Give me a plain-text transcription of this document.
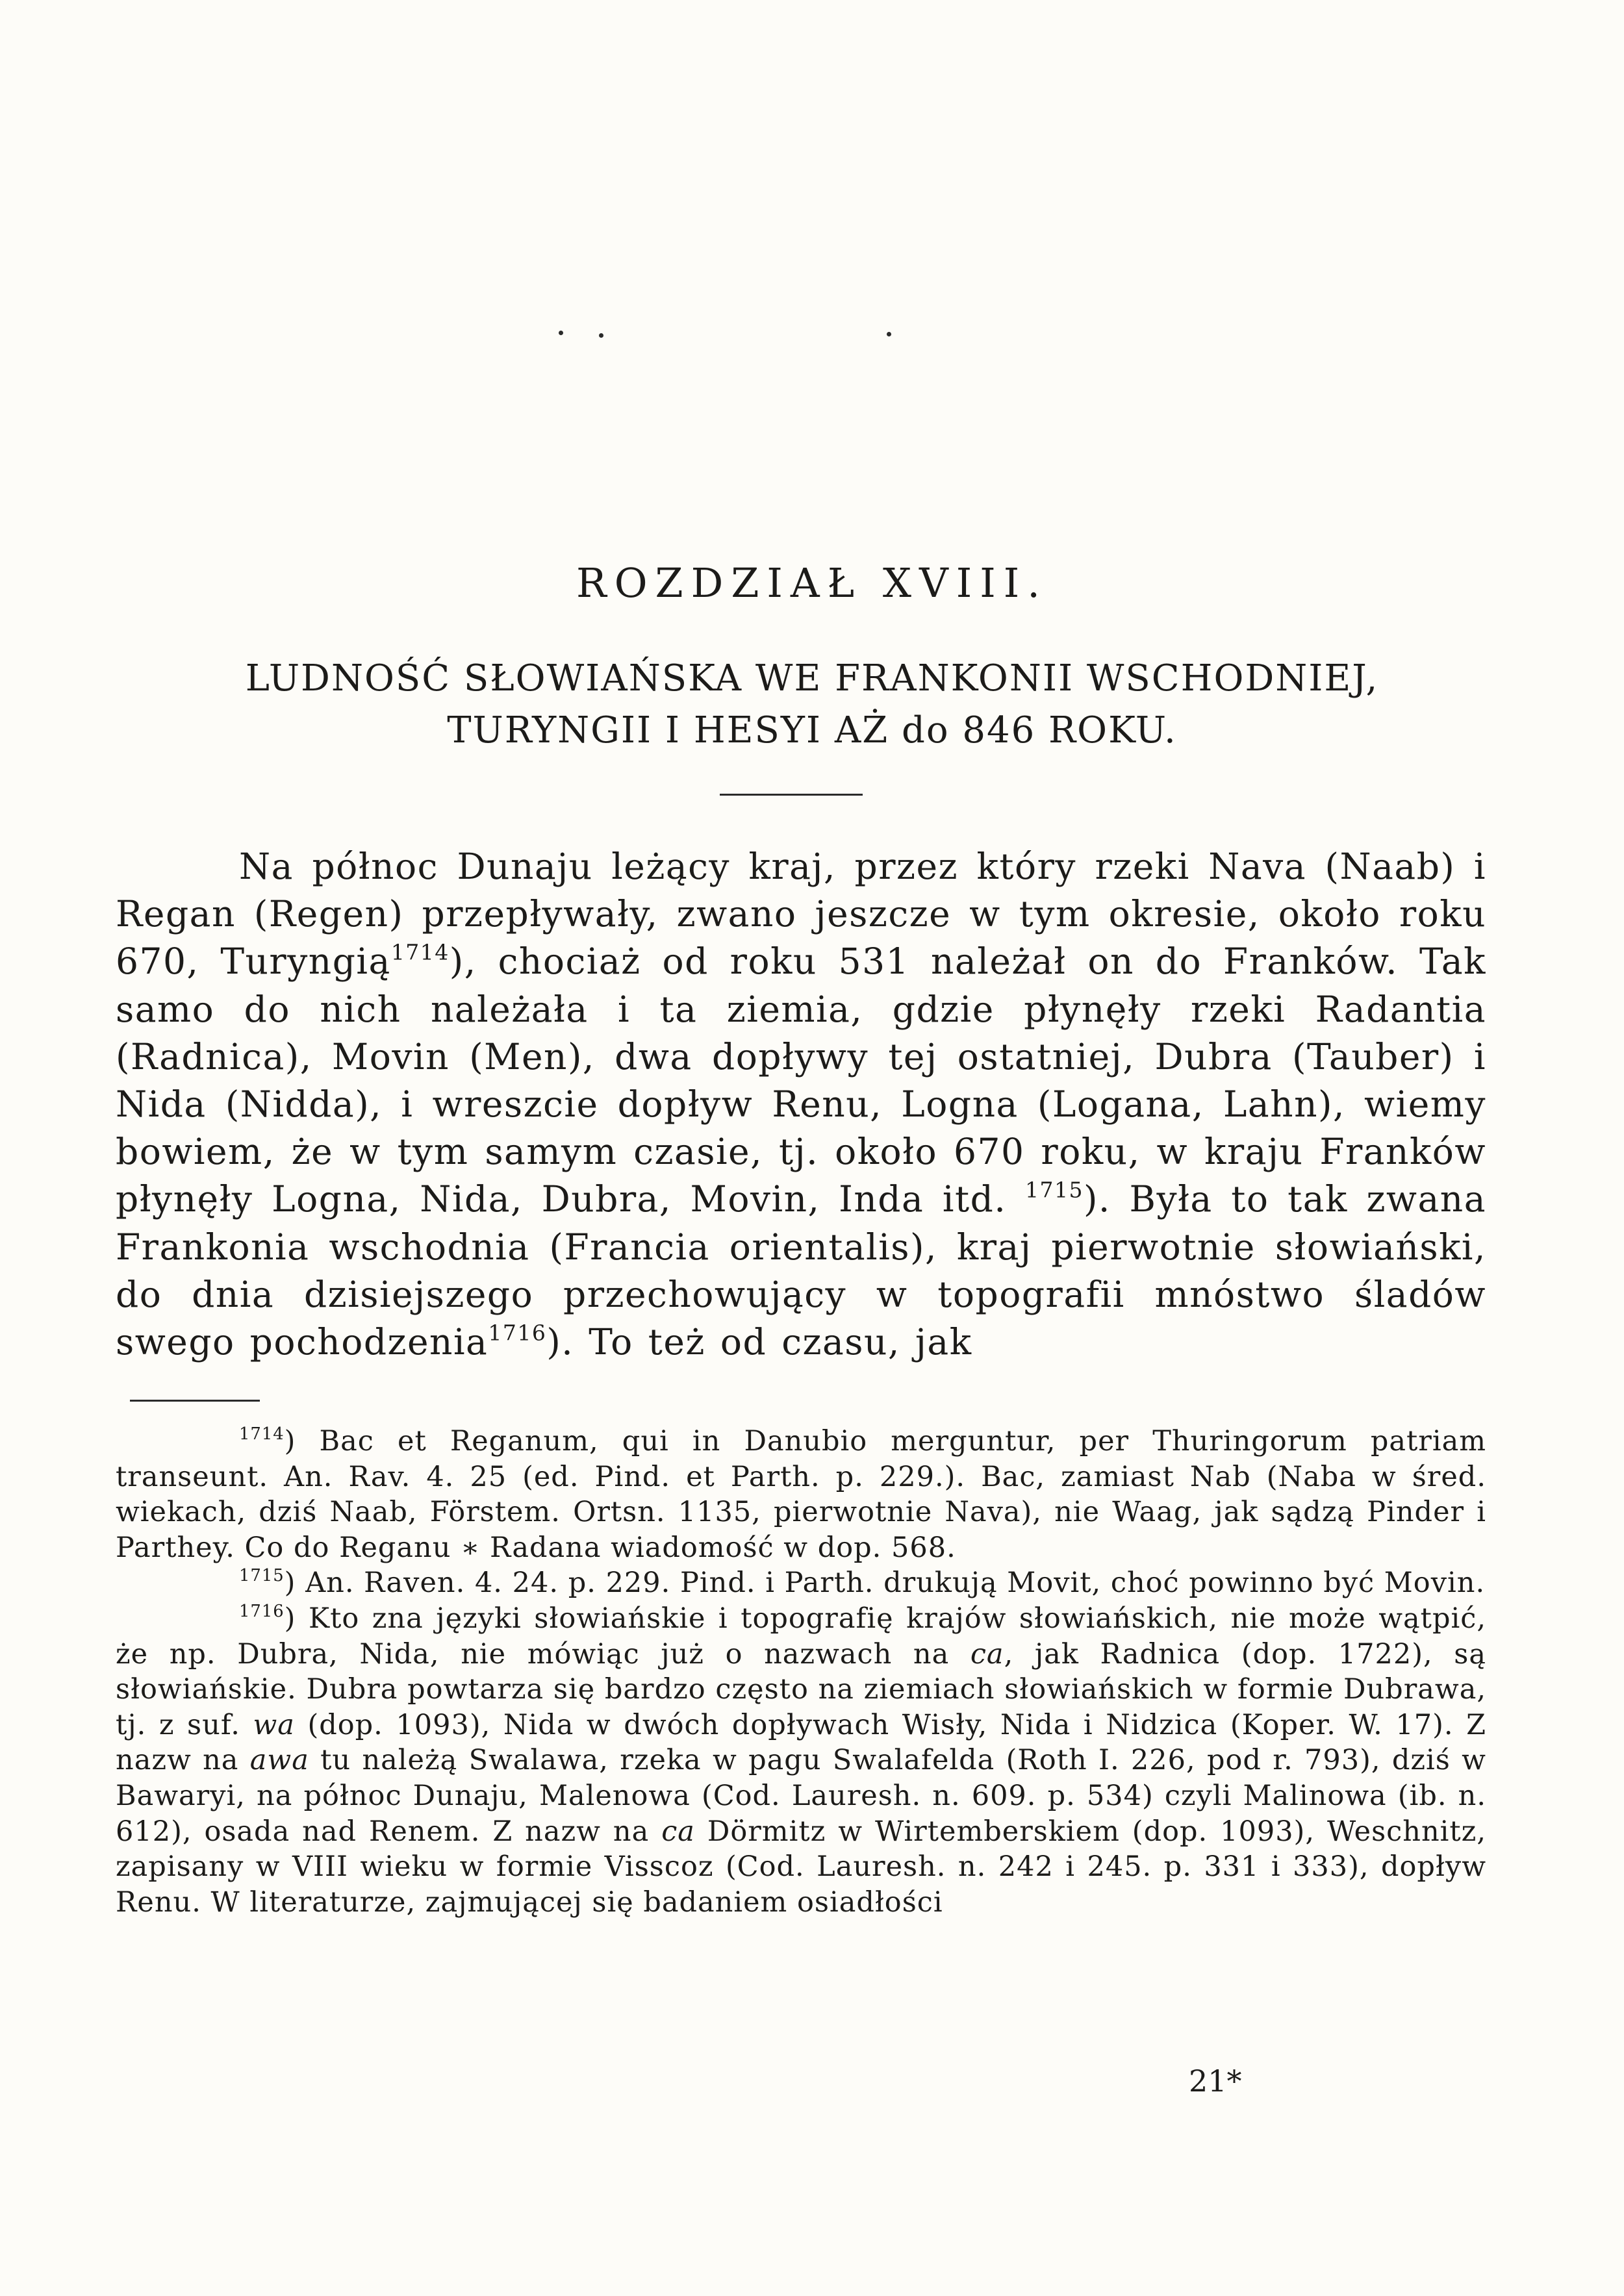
ROZDZIAŁ XVIII.
LUDNOŚĆ SŁOWIAŃSKA WE FRANKONII WSCHODNIEJ,
TURYNGII I HESYI AŻ do 846 ROKU.
Na północ Dunaju leżący kraj, przez który rzeki Nava (Naab) i Regan (Regen) przepływały, zwano jeszcze w tym okresie, około roku 670, Turyngią$^{1714}$), chociaż od roku 531 należał on do Franków. Tak samo do nich należała i ta ziemia, gdzie płynęły rzeki Radantia (Radnica), Movin (Men), dwa dopływy tej ostatniej, Dubra (Tauber) i Nida (Nidda), i wreszcie dopływ Renu, Logna (Logana, Lahn), wiemy bowiem, że w tym samym czasie, tj. około 670 roku, w kraju Franków płynęły Logna, Nida, Dubra, Movin, Inda itd. $^{1715}$). Była to tak zwana Frankonia wschodnia (Francia orientalis), kraj pierwotnie słowiański, do dnia dzisiejszego przechowujący w topografii mnóstwo śladów swego pochodzenia$^{1716}$). To też od czasu, jak

$^{1714}$) Bac et Reganum, qui in Danubio merguntur, per Thuringorum patriam transeunt. An. Rav. 4. 25 (ed. Pind. et Parth. p. 229.). Bac, zamiast Nab (Naba w śred. wiekach, dziś Naab, Förstem. Ortsn. 1135, pierwotnie Nava), nie Waag, jak sądzą Pinder i Parthey. Co do Reganu ∗ Radana wiadomość w dop. 568.

$^{1715}$) An. Raven. 4. 24. p. 229. Pind. i Parth. drukują Movit, choć powinno być Movin.

$^{1716}$) Kto zna języki słowiańskie i topografię krajów słowiańskich, nie może wątpić, że np. Dubra, Nida, nie mówiąc już o nazwach na ca, jak Radnica (dop. 1722), są słowiańskie. Dubra powtarza się bardzo często na ziemiach słowiańskich w formie Dubrawa, tj. z suf. wa (dop. 1093), Nida w dwóch dopływach Wisły, Nida i Nidzica (Koper. W. 17). Z nazw na awa tu należą Swalawa, rzeka w pagu Swalafelda (Roth I. 226, pod r. 793), dziś w Bawaryi, na północ Dunaju, Malenowa (Cod. Lauresh. n. 609. p. 534) czyli Malinowa (ib. n. 612), osada nad Renem. Z nazw na ca Dörmitz w Wirtemberskiem (dop. 1093), Weschnitz, zapisany w VIII wieku w formie Visscoz (Cod. Lauresh. n. 242 i 245. p. 331 i 333), dopływ Renu. W literaturze, zajmującej się badaniem osiadłości

21*
